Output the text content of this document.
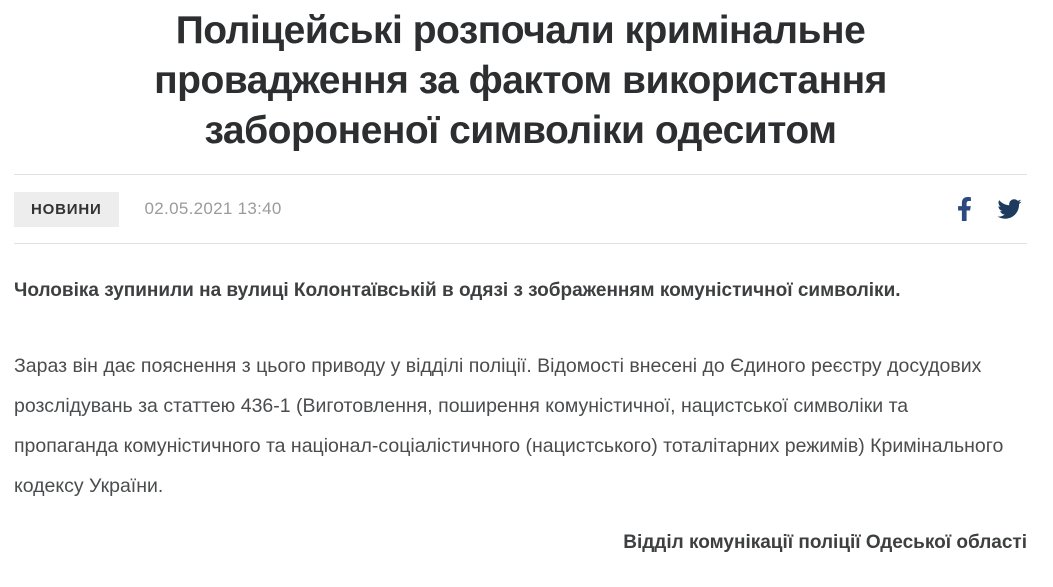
Поліцейські розпочали кримінальне
провадження за фактом використання
забороненої символіки одеситом
НОВИНИ	02.05.2021 13:40

Чоловіка зупинили на вулиці Колонтаївській в одязі з зображенням комуністичної символіки.

Зараз він дає пояснення з цього приводу у відділі поліції. Відомості внесені до Єдиного реєстру досудових розслідувань за статтею 436-1 (Виготовлення, поширення комуністичної, нацистської символіки та пропаганда комуністичного та націонал-соціалістичного (нацистського) тоталітарних режимів) Кримінального кодексу України.

Відділ комунікації поліції Одеської області
